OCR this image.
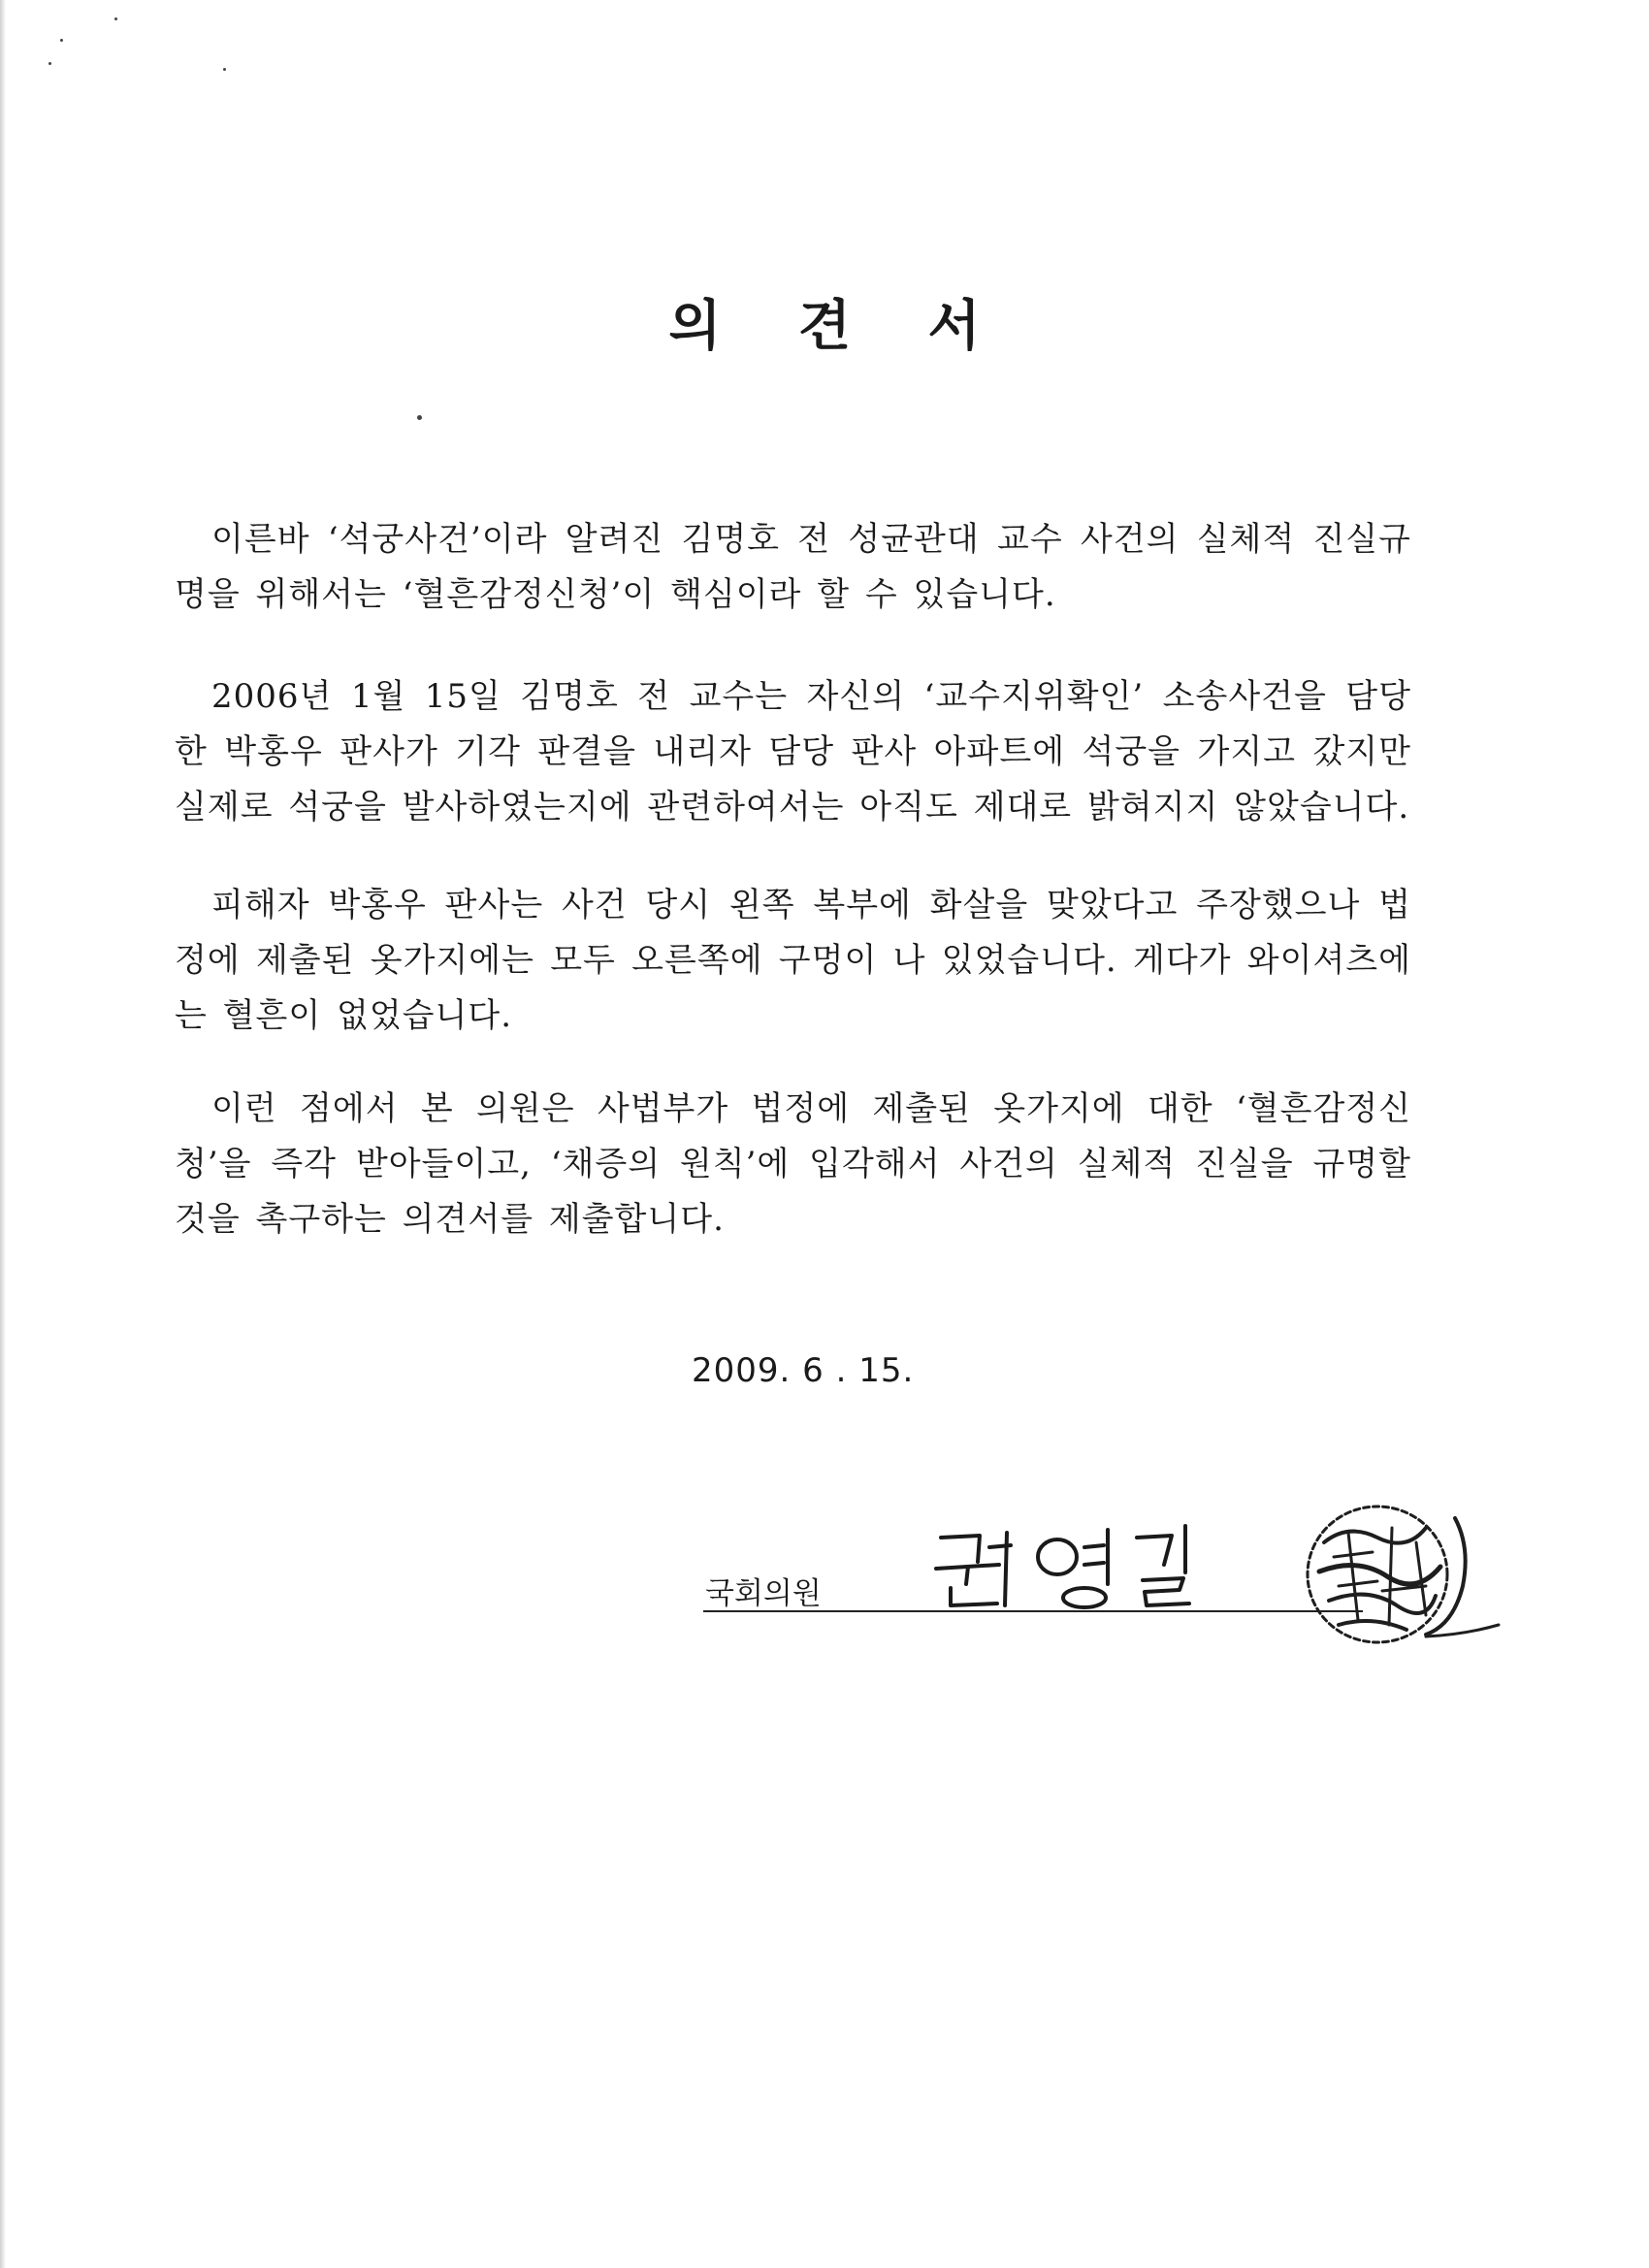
의 견 서
이른바 ‘석궁사건’이라 알려진 김명호 전 성균관대 교수 사건의 실체적 진실규명을 위해서는 ‘혈흔감정신청’이 핵심이라 할 수 있습니다.
2006년 1월 15일 김명호 전 교수는 자신의 ‘교수지위확인’ 소송사건을 담당한 박홍우 판사가 기각 판결을 내리자 담당 판사 아파트에 석궁을 가지고 갔지만 실제로 석궁을 발사하였는지에 관련하여서는 아직도 제대로 밝혀지지 않았습니다.
피해자 박홍우 판사는 사건 당시 왼쪽 복부에 화살을 맞았다고 주장했으나 법정에 제출된 옷가지에는 모두 오른쪽에 구멍이 나 있었습니다. 게다가 와이셔츠에는 혈흔이 없었습니다.
이런 점에서 본 의원은 사법부가 법정에 제출된 옷가지에 대한 ‘혈흔감정신청’을 즉각 받아들이고, ‘채증의 원칙’에 입각해서 사건의 실체적 진실을 규명할 것을 촉구하는 의견서를 제출합니다.
2009. 6 . 15.
국회의원
